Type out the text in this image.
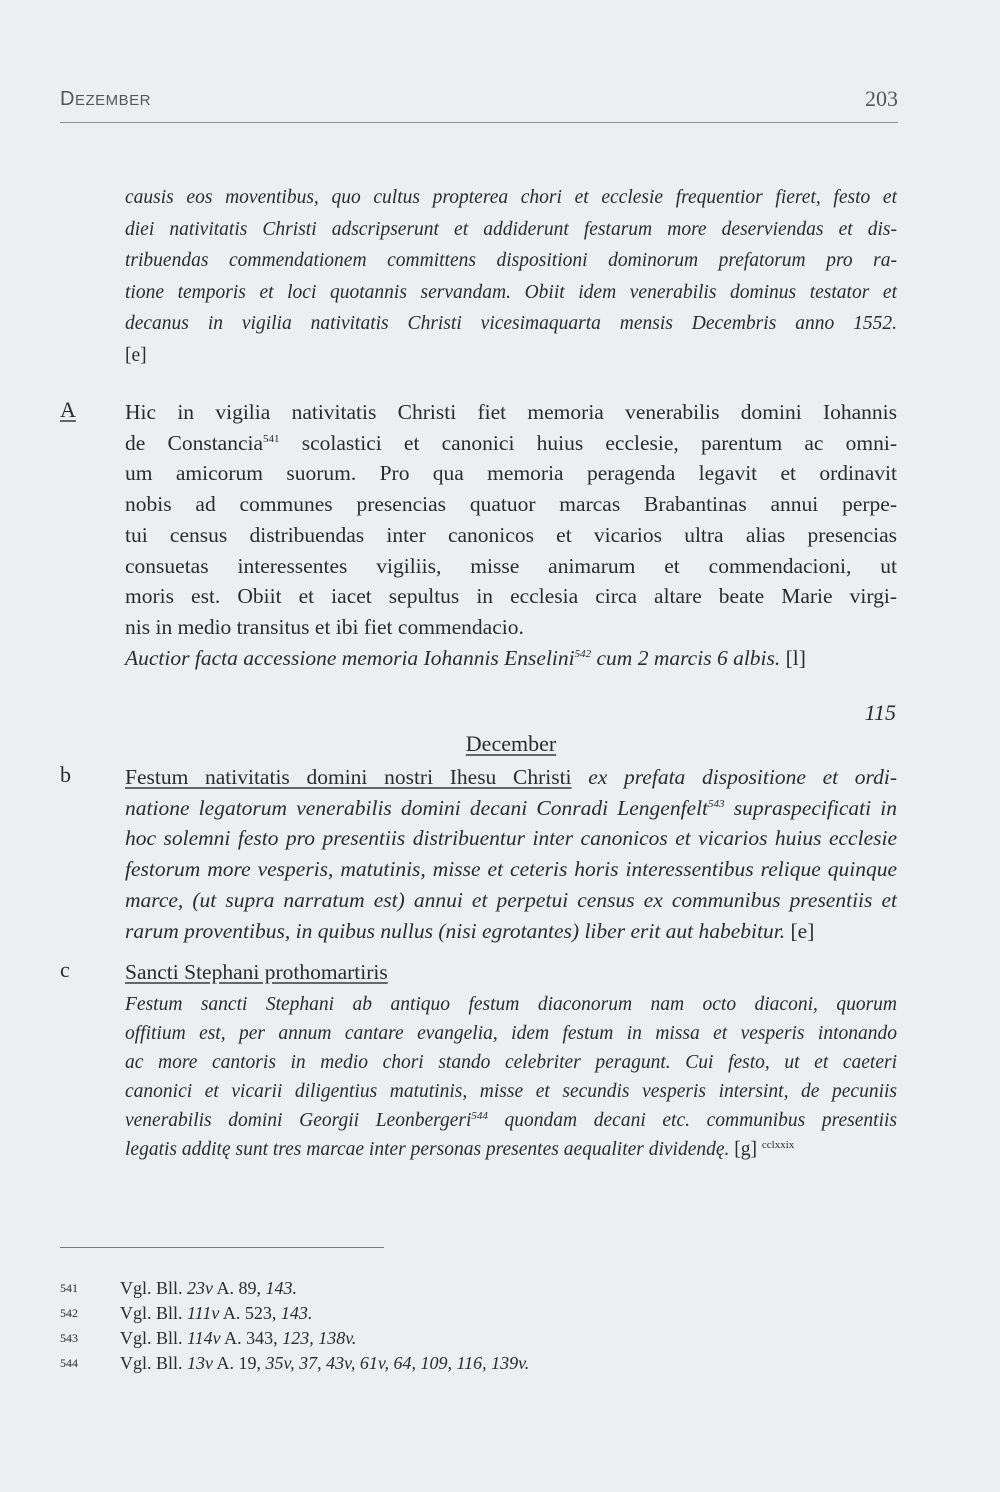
DEZEMBER	203
causis eos moventibus, quo cultus propterea chori et ecclesie frequentior fieret, festo et
diei nativitatis Christi adscripserunt et addiderunt festarum more deserviendas et dis-
tribuendas commendationem committens dispositioni dominorum prefatorum pro ra-
tione temporis et loci quotannis servandam. Obiit idem venerabilis dominus testator et
decanus in vigilia nativitatis Christi vicesimaquarta mensis Decembris anno 1552.
[e]
A Hic in vigilia nativitatis Christi fiet memoria venerabilis domini Iohannis
de Constancia$^{541}$ scolastici et canonici huius ecclesie, parentum ac omni-
um amicorum suorum. Pro qua memoria peragenda legavit et ordinavit
nobis ad communes presencias quatuor marcas Brabantinas annui perpe-
tui census distribuendas inter canonicos et vicarios ultra alias presencias
consuetas interessentes vigiliis, misse animarum et commendacioni, ut
moris est. Obiit et iacet sepultus in ecclesia circa altare beate Marie virgi-
nis in medio transitus et ibi fiet commendacio.
Auctior facta accessione memoria Iohannis Enselini$^{542}$ cum 2 marcis 6 albis. [l]
115
December
b	Festum nativitatis domini nostri Ihesu Christi ex prefata dispositione et ordi-
natione legatorum venerabilis domini decani Conradi Lengenfelt$^{543}$ supraspecificati in
hoc solemni festo pro presentiis distribuentur inter canonicos et vicarios huius ecclesie
festorum more vesperis, matutinis, misse et ceteris horis interessentibus relique quinque
marce, (ut supra narratum est) annui et perpetui census ex communibus presentiis et
rarum proventibus, in quibus nullus (nisi egrotantes) liber erit aut habebitur. [e]
c	Sancti Stephani prothomartiris
Festum sancti Stephani ab antiquo festum diaconorum nam octo diaconi, quorum
offitium est, per annum cantare evangelia, idem festum in missa et vesperis intonando
ac more cantoris in medio chori stando celebriter peragunt. Cui festo, ut et caeteri
canonici et vicarii diligentius matutinis, misse et secundis vesperis intersint, de pecuniis
venerabilis domini Georgii Leonbergeri$^{544}$ quondam decani etc. communibus presentiis
legatis additę sunt tres marcae inter personas presentes aequaliter dividendę. [g] $^{cclxxix}$
541 Vgl. Bll. 23v A. 89, 143.
542 Vgl. Bll. 111v A. 523, 143.
543 Vgl. Bll. 114v A. 343, 123, 138v.
544 Vgl. Bll. 13v A. 19, 35v, 37, 43v, 61v, 64, 109, 116, 139v.
